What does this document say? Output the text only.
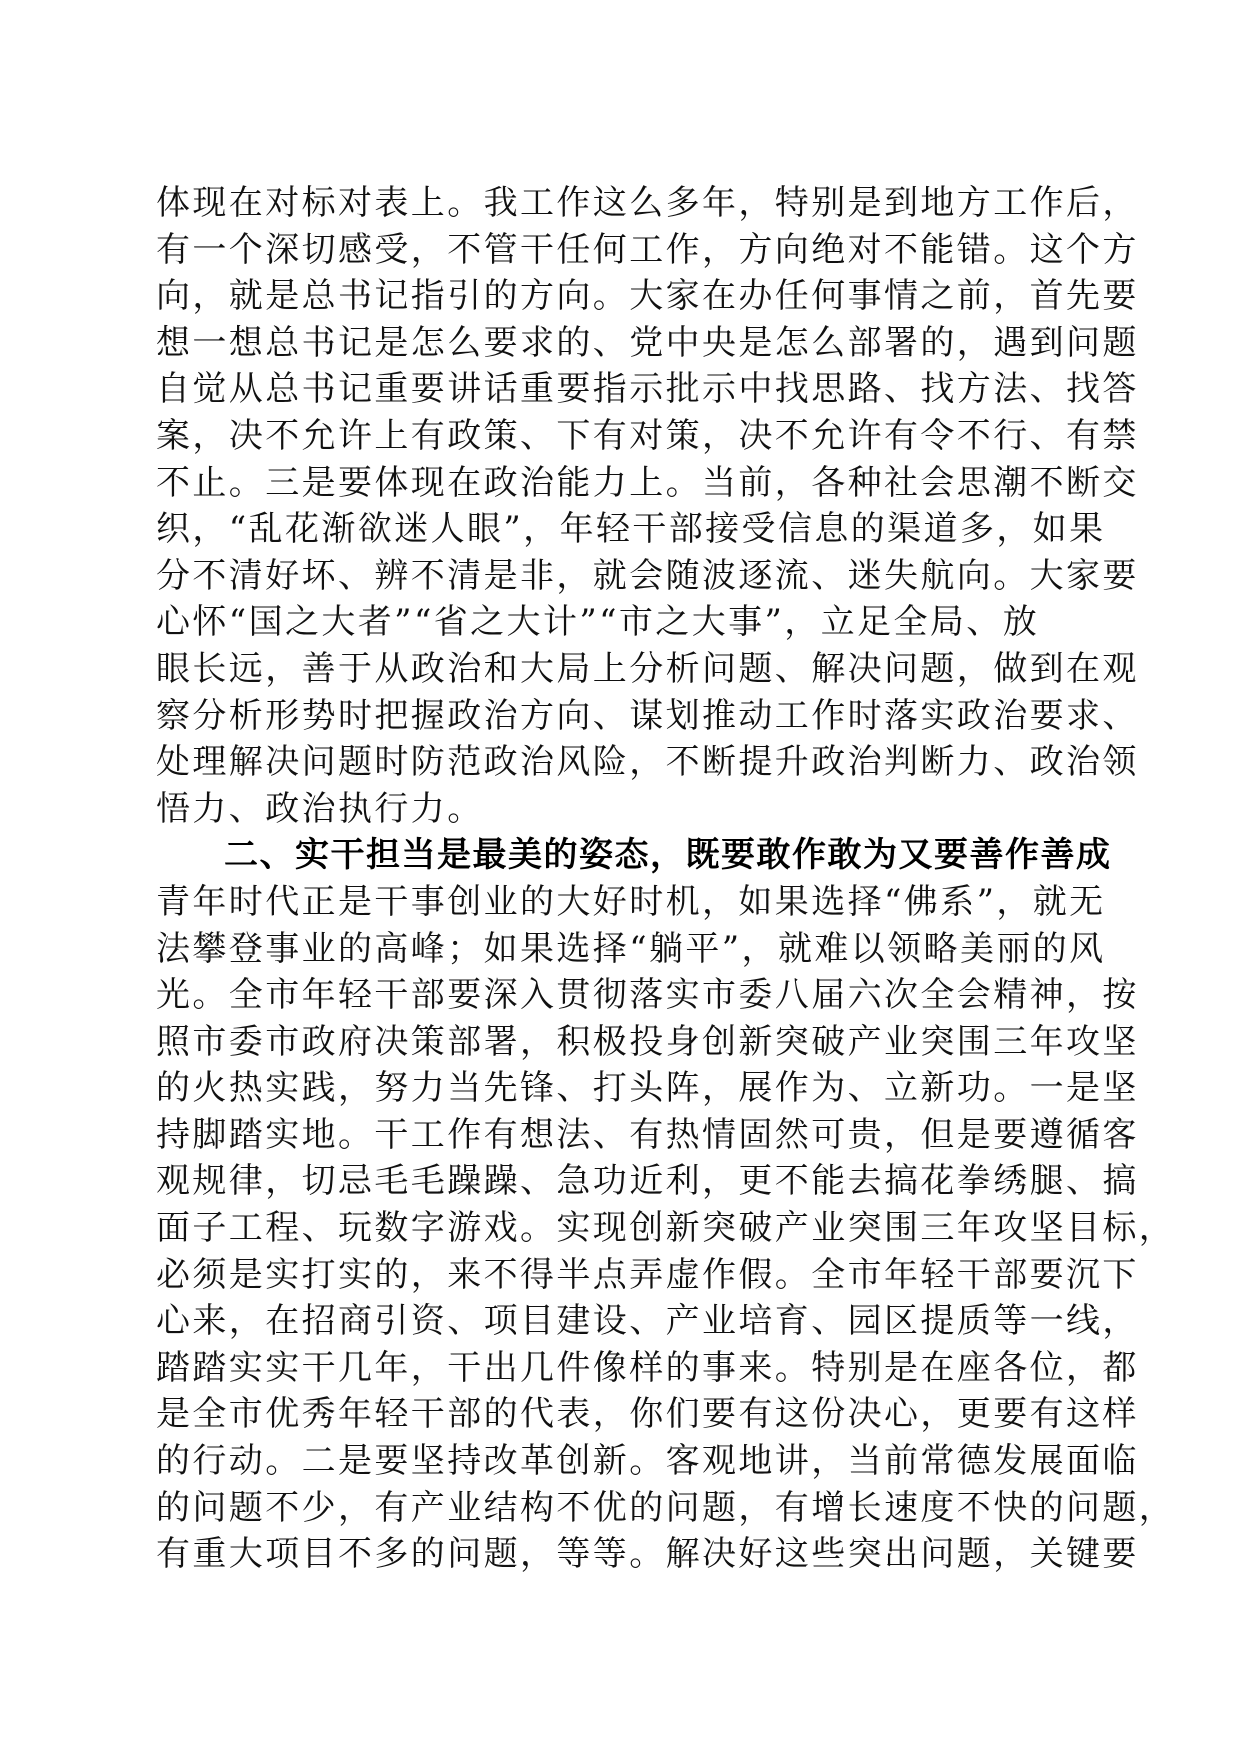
体现在对标对表上。我工作这么多年，特别是到地方工作后，
有一个深切感受，不管干任何工作，方向绝对不能错。这个方
向，就是总书记指引的方向。大家在办任何事情之前，首先要
想一想总书记是怎么要求的、党中央是怎么部署的，遇到问题
自觉从总书记重要讲话重要指示批示中找思路、找方法、找答
案，决不允许上有政策、下有对策，决不允许有令不行、有禁
不止。三是要体现在政治能力上。当前，各种社会思潮不断交
织，“乱花渐欲迷人眼”，年轻干部接受信息的渠道多，如果
分不清好坏、辨不清是非，就会随波逐流、迷失航向。大家要
心怀“国之大者”“省之大计”“市之大事”，立足全局、放
眼长远，善于从政治和大局上分析问题、解决问题，做到在观
察分析形势时把握政治方向、谋划推动工作时落实政治要求、
处理解决问题时防范政治风险，不断提升政治判断力、政治领
悟力、政治执行力。
二、实干担当是最美的姿态，既要敢作敢为又要善作善成
青年时代正是干事创业的大好时机，如果选择“佛系”，就无
法攀登事业的高峰；如果选择“躺平”，就难以领略美丽的风
光。全市年轻干部要深入贯彻落实市委八届六次全会精神，按
照市委市政府决策部署，积极投身创新突破产业突围三年攻坚
的火热实践，努力当先锋、打头阵，展作为、立新功。一是坚
持脚踏实地。干工作有想法、有热情固然可贵，但是要遵循客
观规律，切忌毛毛躁躁、急功近利，更不能去搞花拳绣腿、搞
面子工程、玩数字游戏。实现创新突破产业突围三年攻坚目标，
必须是实打实的，来不得半点弄虚作假。全市年轻干部要沉下
心来，在招商引资、项目建设、产业培育、园区提质等一线，
踏踏实实干几年，干出几件像样的事来。特别是在座各位，都
是全市优秀年轻干部的代表，你们要有这份决心，更要有这样
的行动。二是要坚持改革创新。客观地讲，当前常德发展面临
的问题不少，有产业结构不优的问题，有增长速度不快的问题，
有重大项目不多的问题，等等。解决好这些突出问题，关键要
